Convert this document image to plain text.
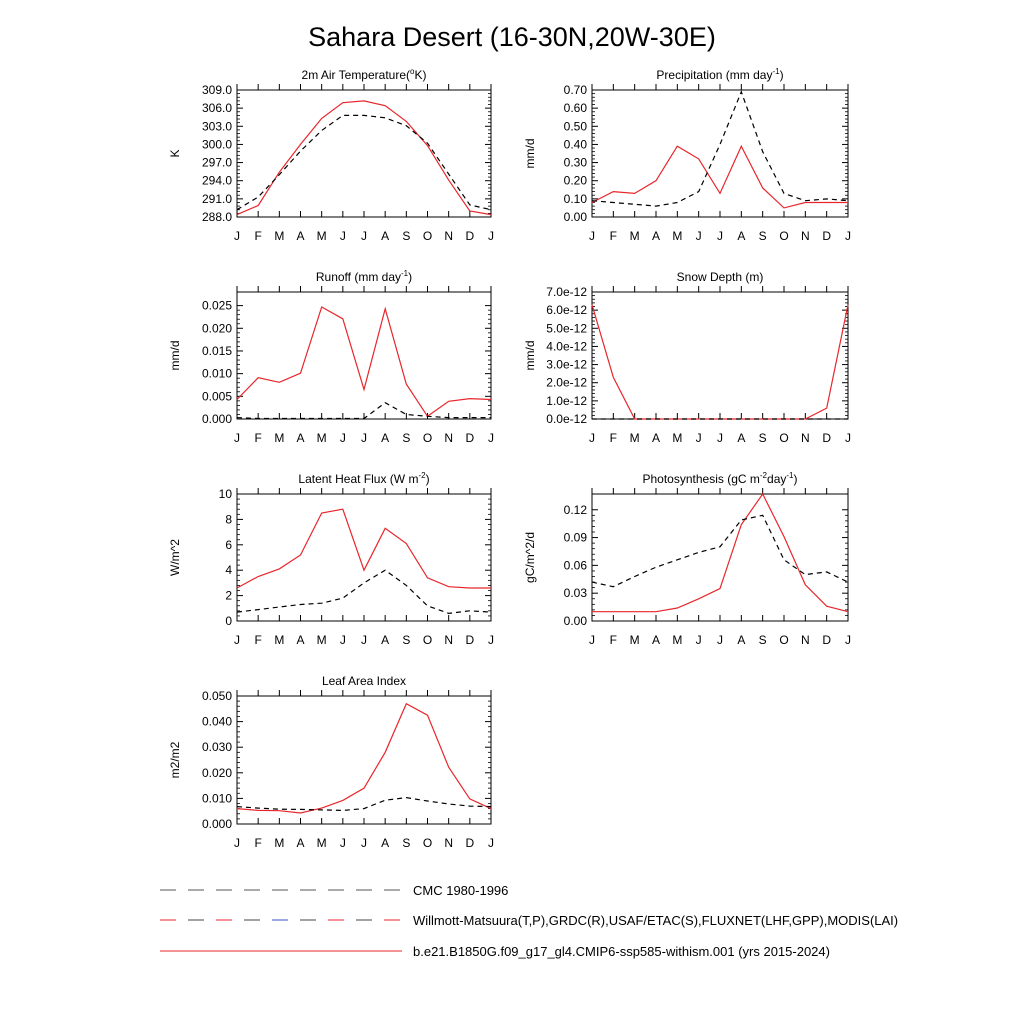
Sahara Desert (16-30N,20W-30E)
2m Air Temperature($^o$K)
K
288.0
291.0
294.0
297.0
300.0
303.0
306.0
309.0
J F M A M J J A S O N D J
Precipitation (mm day$^{-1}$)
mm/d
0.00
0.10
0.20
0.30
0.40
0.50
0.60
0.70
J F M A M J J A S O N D J
Runoff (mm day$^{-1}$)
mm/d
0.000
0.005
0.010
0.015
0.020
0.025
J F M A M J J A S O N D J
Snow Depth (m)
mm/d
0.0e-12
1.0e-12
2.0e-12
3.0e-12
4.0e-12
5.0e-12
6.0e-12
7.0e-12
J F M A M J J A S O N D J
Latent Heat Flux (W $m^{-2}$)
W/m^2
0
2
4
6
8
10
J F M A M J J A S O N D J
Photosynthesis (gC $m^{-2}day^{-1}$)
gC/m^2/d
0.00
0.03
0.06
0.09
0.12
J F M A M J J A S O N D J
Leaf Area Index
m2/m2
0.000
0.010
0.020
0.030
0.040
0.050
J F M A M J J A S O N D J
CMC 1980-1996
Willmott-Matsuura(T,P),GRDC(R),USAF/ETAC(S),FLUXNET(LHF,GPP),MODIS(LAI)
b.e21.B1850G.f09_g17_gl4.CMIP6-ssp585-withism.001 (yrs 2015-2024)
